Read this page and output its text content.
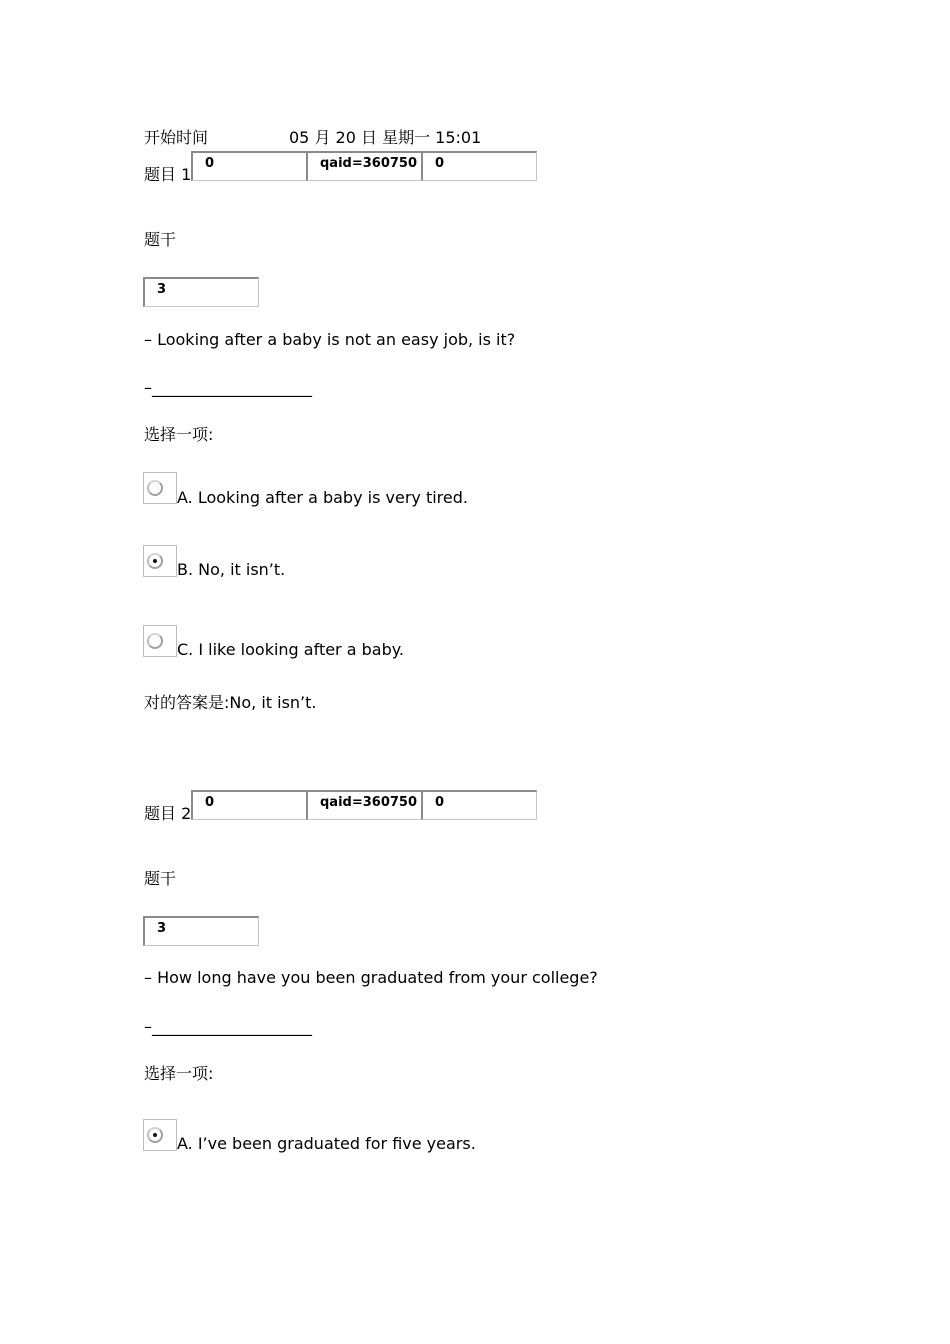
开始时间	05 月 20 日 星期一 15:01
题目 1
0	qaid=360750	0
题干
3
– Looking after a baby is not an easy job, is it?
–____________________
选择一项:
A. Looking after a baby is very tired.
B. No, it isn’t.
C. I like looking after a baby.
对的答案是:No, it isn’t.
题目 2
0	qaid=360750	0
题干
3
– How long have you been graduated from your college?
–____________________
选择一项:
A. I’ve been graduated for five years.
